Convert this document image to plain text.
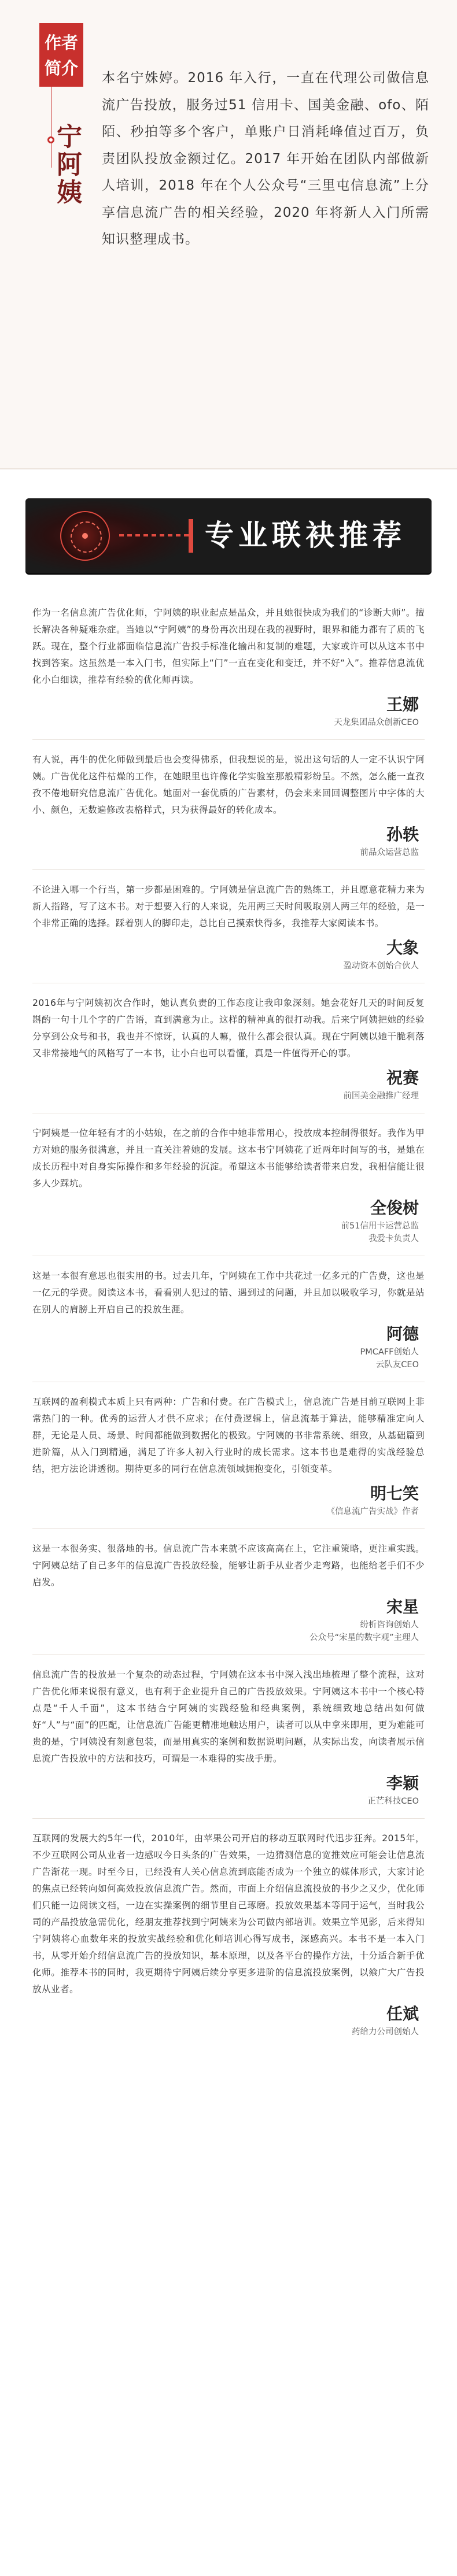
作者
简介
宁阿姨

本名宁姝婷。2016 年入行，一直在代理公司做信息流广告投放，服务过51 信用卡、国美金融、ofo、陌陌、秒拍等多个客户，单账户日消耗峰值过百万，负责团队投放金额过亿。2017 年开始在团队内部做新人培训，2018 年在个人公众号“三里屯信息流”上分享信息流广告的相关经验，2020 年将新人入门所需知识整理成书。

专业联袂推荐

作为一名信息流广告优化师，宁阿姨的职业起点是品众，并且她很快成为我们的“诊断大师”。擅长解决各种疑难杂症。当她以“宁阿姨”的身份再次出现在我的视野时，眼界和能力都有了质的飞跃。现在，整个行业都面临信息流广告投手标准化输出和复制的难题，大家或许可以从这本书中找到答案。这虽然是一本入门书，但实际上“门”一直在变化和变迁，并不好“入”。推荐信息流优化小白细读，推荐有经验的优化师再读。

王娜
天龙集团品众创新CEO

有人说，再牛的优化师做到最后也会变得佛系，但我想说的是，说出这句话的人一定不认识宁阿姨。广告优化这件枯燥的工作，在她眼里也许像化学实验室那般精彩纷呈。不然，怎么能一直孜孜不倦地研究信息流广告优化。她面对一套优质的广告素材，仍会来来回回调整图片中字体的大小、颜色，无数遍修改表格样式，只为获得最好的转化成本。

孙轶
前品众运营总监

不论进入哪一个行当，第一步都是困难的。宁阿姨是信息流广告的熟练工，并且愿意花精力来为新人指路，写了这本书。对于想要入行的人来说，先用两三天时间吸取别人两三年的经验，是一个非常正确的选择。踩着别人的脚印走，总比自己摸索快得多，我推荐大家阅读本书。

大象
盈动资本创始合伙人

2016年与宁阿姨初次合作时，她认真负责的工作态度让我印象深刻。她会花好几天的时间反复斟酌一句十几个字的广告语，直到满意为止。这样的精神真的很打动我。后来宁阿姨把她的经验分享到公众号和书，我也并不惊讶，认真的人嘛，做什么都会很认真。现在宁阿姨以她干脆利落又非常接地气的风格写了一本书，让小白也可以看懂，真是一件值得开心的事。

祝赛
前国美金融推广经理

宁阿姨是一位年轻有才的小姑娘，在之前的合作中她非常用心，投放成本控制得很好。我作为甲方对她的服务很满意，并且一直关注着她的发展。这本书宁阿姨花了近两年时间写的书，是她在成长历程中对自身实际操作和多年经验的沉淀。希望这本书能够给读者带来启发，我相信能让很多人少踩坑。

全俊树
前51信用卡运营总监
我爱卡负责人

这是一本很有意思也很实用的书。过去几年，宁阿姨在工作中共花过一亿多元的广告费，这也是一亿元的学费。阅读这本书，看看别人犯过的错、遇到过的问题，并且加以吸收学习，你就是站在别人的肩膀上开启自己的投放生涯。

阿德
PMCAFF创始人
云队友CEO

互联网的盈利模式本质上只有两种：广告和付费。在广告模式上，信息流广告是目前互联网上非常热门的一种。优秀的运营人才供不应求；在付费逻辑上，信息流基于算法，能够精准定向人群，无论是人员、场景、时间都能做到数据化的极致。宁阿姨的书非常系统、细致，从基础篇到进阶篇，从入门到精通，满足了许多人初入行业时的成长需求。这本书也是难得的实战经验总结，把方法论讲透彻。期待更多的同行在信息流领域拥抱变化，引领变革。

明七笑
《信息流广告实战》作者

这是一本很务实、很落地的书。信息流广告本来就不应该高高在上，它注重策略，更注重实践。宁阿姨总结了自己多年的信息流广告投放经验，能够让新手从业者少走弯路，也能给老手们不少启发。

宋星
纷析咨询创始人
公众号“宋星的数字观”主理人

信息流广告的投放是一个复杂的动态过程，宁阿姨在这本书中深入浅出地梳理了整个流程，这对广告优化师来说很有意义，也有利于企业提升自己的广告投放效果。宁阿姨这本书中一个核心特点是“千人千面”，这本书结合宁阿姨的实践经验和经典案例，系统细致地总结出如何做好“人”与“面”的匹配，让信息流广告能更精准地触达用户，读者可以从中拿来即用，更为难能可贵的是，宁阿姨没有刻意包装，而是用真实的案例和数据说明问题，从实际出发，向读者展示信息流广告投放中的方法和技巧，可谓是一本难得的实战手册。

李颖
正芒科技CEO

互联网的发展大约5年一代，2010年，由苹果公司开启的移动互联网时代迅步狂奔。2015年，不少互联网公司从业者一边感叹今日头条的广告效果，一边猜测信息的宽推效应可能会让信息流广告渐花一现。时至今日，已经没有人关心信息流到底能否成为一个独立的媒体形式，大家讨论的焦点已经转向如何高效投放信息流广告。然而，市面上介绍信息流投放的书少之又少，优化师们只能一边阅读文档，一边在实操案例的细节里自己琢磨。投放效果基本等同于运气，当时我公司的产品投放急需优化，经朋友推荐找到宁阿姨来为公司做内部培训。效果立竿见影，后来得知宁阿姨将心血数年来的投放实战经验和优化师培训心得写成书，深感高兴。本书不是一本入门书，从零开始介绍信息流广告的投放知识，基本原理，以及各平台的操作方法，十分适合新手优化师。推荐本书的同时，我更期待宁阿姨后续分享更多进阶的信息流投放案例，以飨广大广告投放从业者。

任斌
药给力公司创始人
